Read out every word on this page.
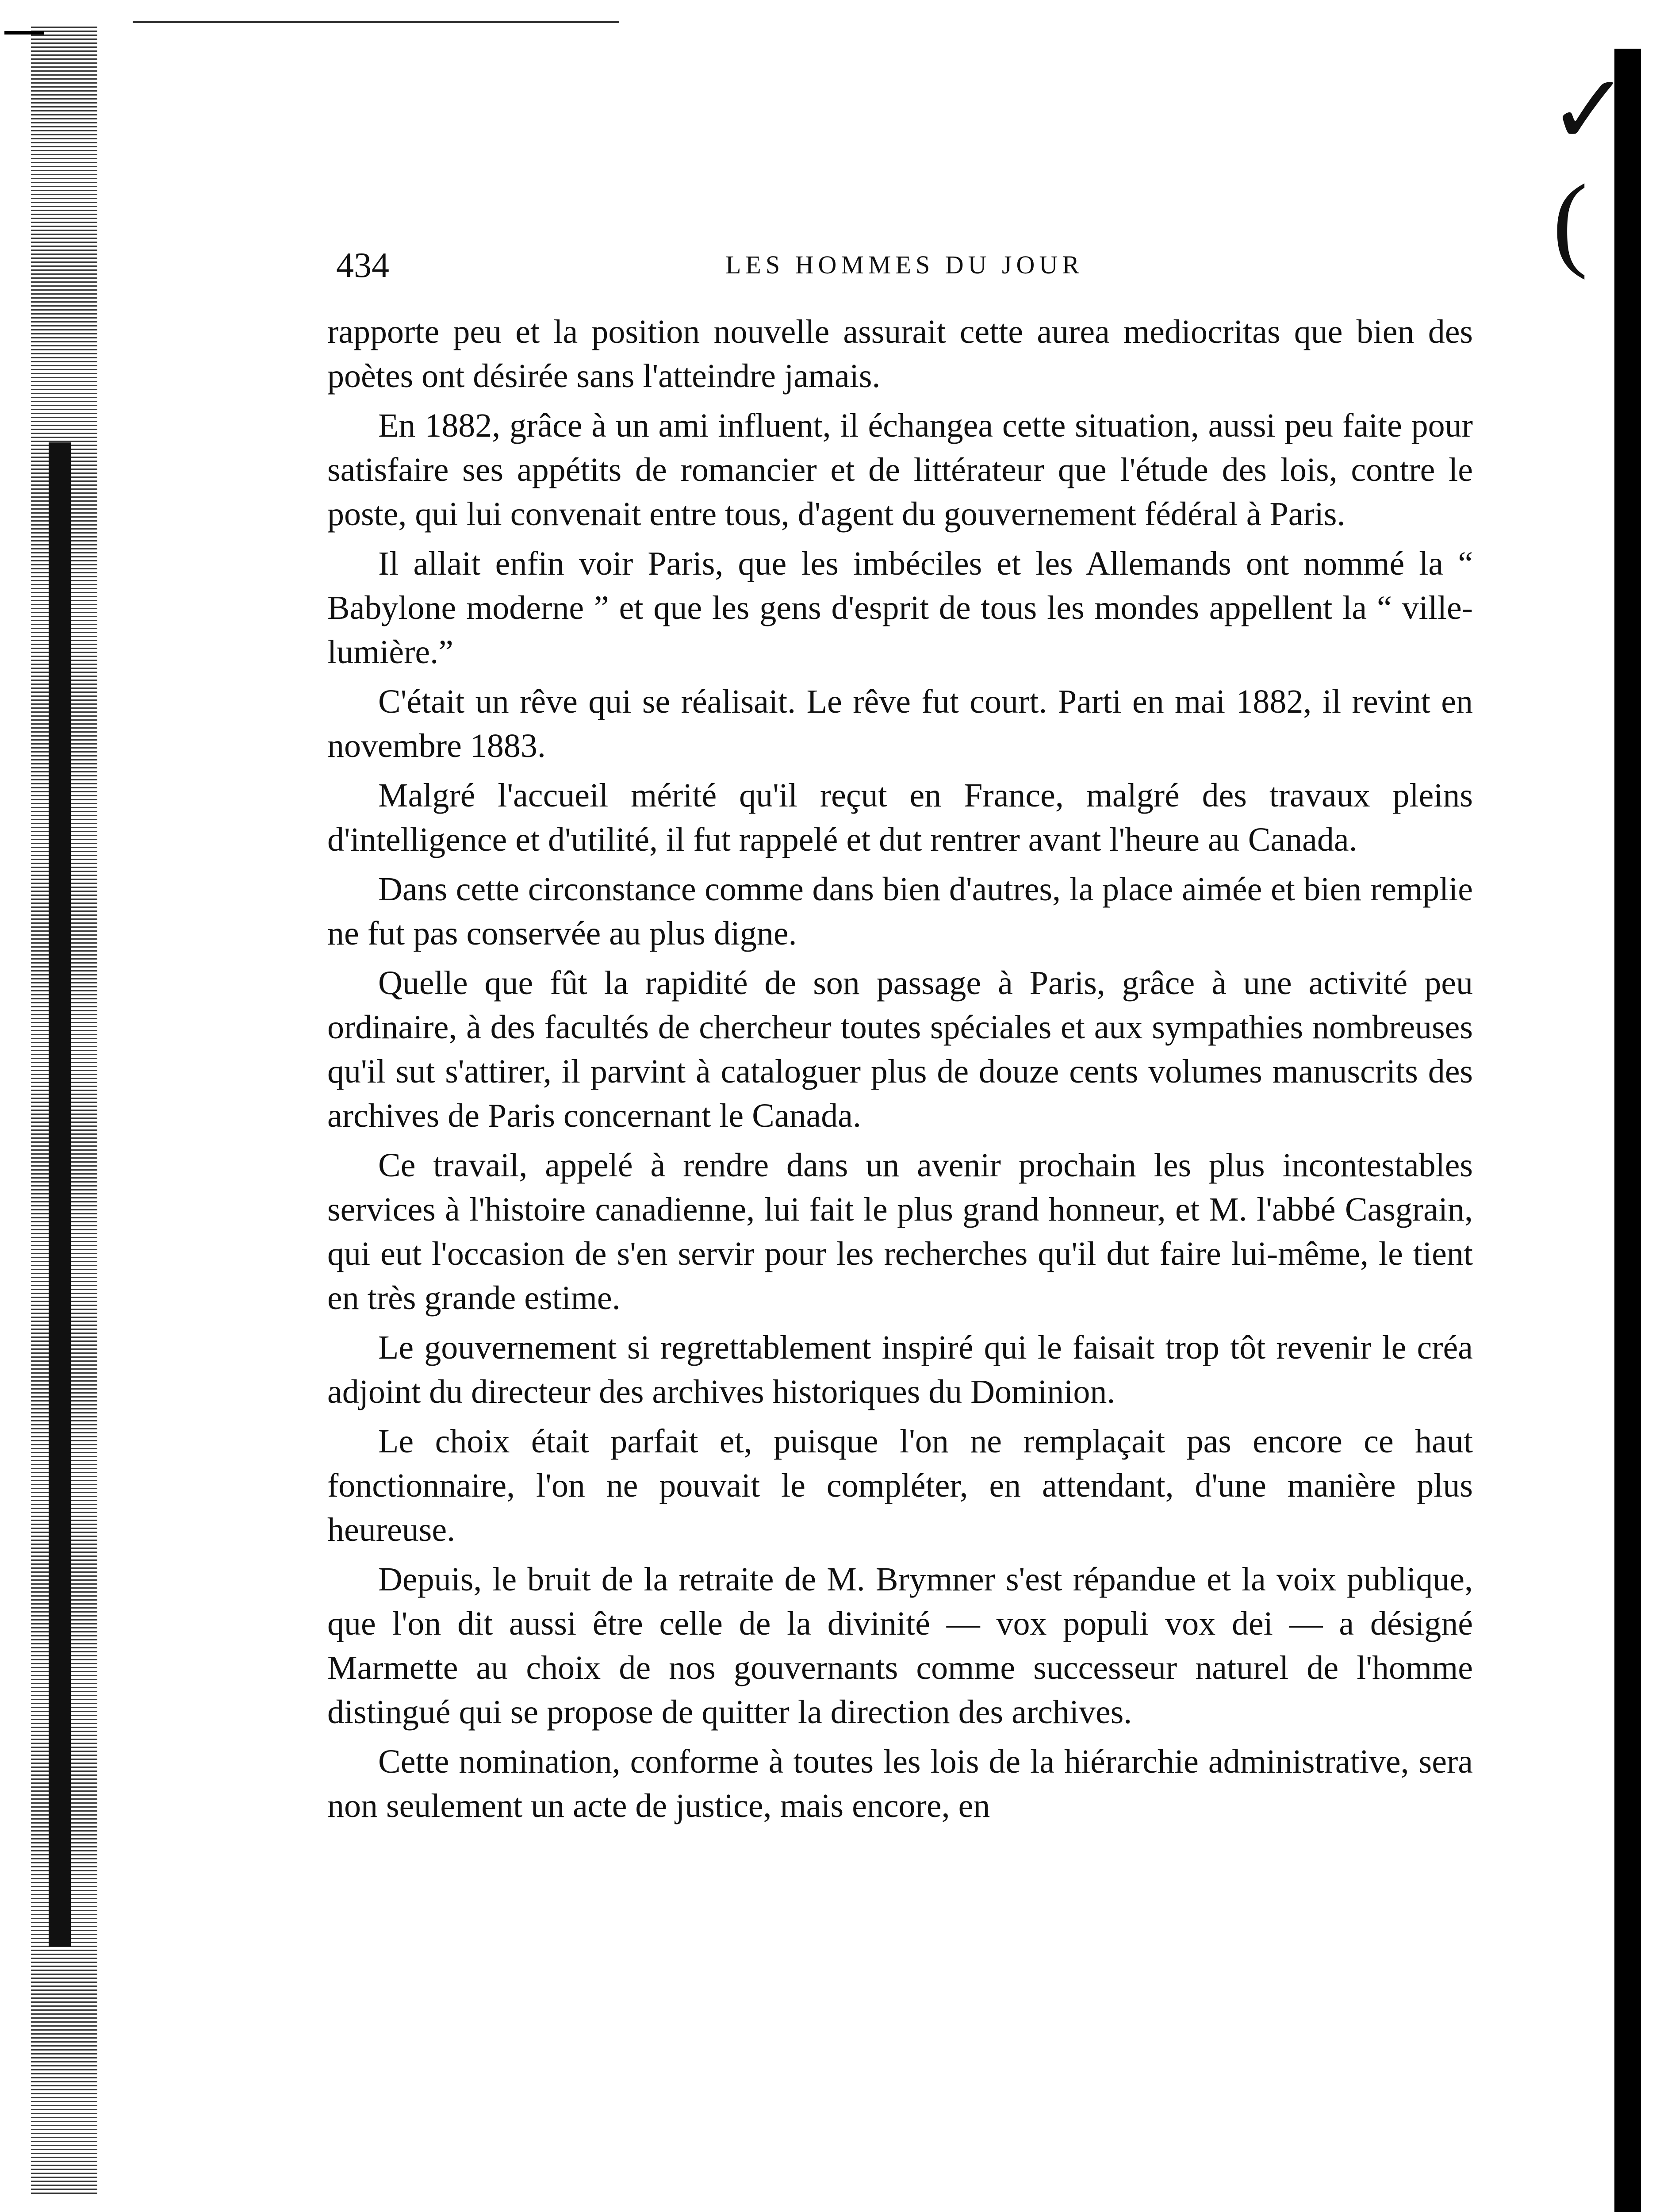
✓
(
434	LES HOMMES DU JOUR

rapporte peu et la position nouvelle assurait cette aurea mediocritas que bien des poètes ont désirée sans l'atteindre jamais.

En 1882, grâce à un ami influent, il échangea cette situation, aussi peu faite pour satisfaire ses appétits de romancier et de littérateur que l'étude des lois, contre le poste, qui lui convenait entre tous, d'agent du gouvernement fédéral à Paris.

Il allait enfin voir Paris, que les imbéciles et les Allemands ont nommé la “ Babylone moderne ” et que les gens d'esprit de tous les mondes appellent la “ ville-lumière.”

C'était un rêve qui se réalisait. Le rêve fut court. Parti en mai 1882, il revint en novembre 1883.

Malgré l'accueil mérité qu'il reçut en France, malgré des travaux pleins d'intelligence et d'utilité, il fut rappelé et dut rentrer avant l'heure au Canada.

Dans cette circonstance comme dans bien d'autres, la place aimée et bien remplie ne fut pas conservée au plus digne.

Quelle que fût la rapidité de son passage à Paris, grâce à une activité peu ordinaire, à des facultés de chercheur toutes spéciales et aux sympathies nombreuses qu'il sut s'attirer, il parvint à cataloguer plus de douze cents volumes manuscrits des archives de Paris concernant le Canada.

Ce travail, appelé à rendre dans un avenir prochain les plus incontestables services à l'histoire canadienne, lui fait le plus grand honneur, et M. l'abbé Casgrain, qui eut l'occasion de s'en servir pour les recherches qu'il dut faire lui-même, le tient en très grande estime.

Le gouvernement si regrettablement inspiré qui le faisait trop tôt revenir le créa adjoint du directeur des archives historiques du Dominion.

Le choix était parfait et, puisque l'on ne remplaçait pas encore ce haut fonctionnaire, l'on ne pouvait le compléter, en attendant, d'une manière plus heureuse.

Depuis, le bruit de la retraite de M. Brymner s'est répandue et la voix publique, que l'on dit aussi être celle de la divinité — vox populi vox dei — a désigné Marmette au choix de nos gouvernants comme successeur naturel de l'homme distingué qui se propose de quitter la direction des archives.

Cette nomination, conforme à toutes les lois de la hiérarchie administrative, sera non seulement un acte de justice, mais encore, en
